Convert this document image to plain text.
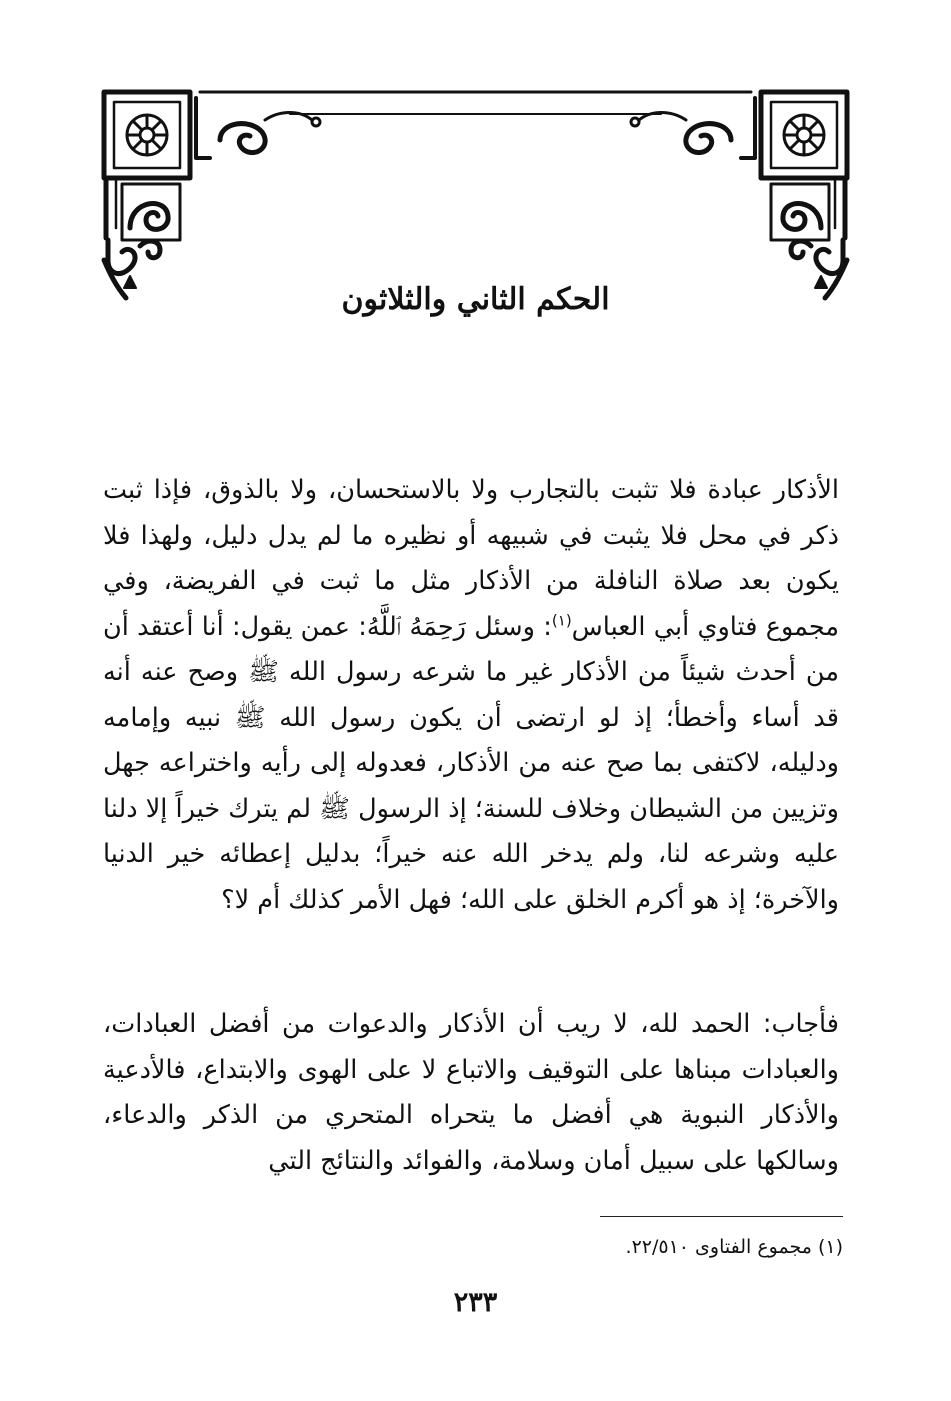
الحكم الثاني والثلاثون

الأذكار عبادة فلا تثبت بالتجارب ولا بالاستحسان، ولا بالذوق، فإذا ثبت ذكر في محل فلا يثبت في شبيهه أو نظيره ما لم يدل دليل، ولهذا فلا يكون بعد صلاة النافلة من الأذكار مثل ما ثبت في الفريضة، وفي مجموع فتاوي أبي العباس$^{(١)}$: وسئل رَحِمَهُ ٱللَّهُ: عمن يقول: أنا أعتقد أن من أحدث شيئاً من الأذكار غير ما شرعه رسول الله ﷺ وصح عنه أنه قد أساء وأخطأ؛ إذ لو ارتضى أن يكون رسول الله ﷺ نبيه وإمامه ودليله، لاكتفى بما صح عنه من الأذكار، فعدوله إلى رأيه واختراعه جهل وتزيين من الشيطان وخلاف للسنة؛ إذ الرسول ﷺ لم يترك خيراً إلا دلنا عليه وشرعه لنا، ولم يدخر الله عنه خيراً؛ بدليل إعطائه خير الدنيا والآخرة؛ إذ هو أكرم الخلق على الله؛ فهل الأمر كذلك أم لا؟

فأجاب: الحمد لله، لا ريب أن الأذكار والدعوات من أفضل العبادات، والعبادات مبناها على التوقيف والاتباع لا على الهوى والابتداع، فالأدعية والأذكار النبوية هي أفضل ما يتحراه المتحري من الذكر والدعاء، وسالكها على سبيل أمان وسلامة، والفوائد والنتائج التي

(١) مجموع الفتاوى ٢٢/٥١٠.

٢٣٣
